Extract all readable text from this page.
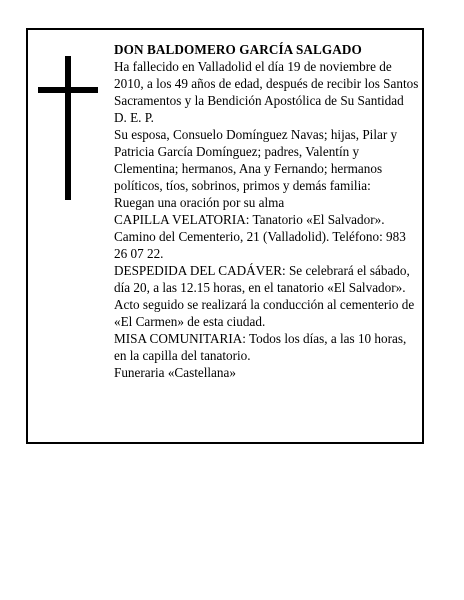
DON BALDOMERO GARCÍA SALGADO

Ha fallecido en Valladolid el día 19 de noviembre de 2010, a los 49 años de edad, después de recibir los Santos Sacramentos y la Bendición Apostólica de Su Santidad

D. E. P.

Su esposa, Consuelo Domínguez Navas; hijas, Pilar y Patricia García Domínguez; padres, Valentín y Clementina; hermanos, Ana y Fernando; hermanos políticos, tíos, sobrinos, primos y demás familia:

Ruegan una oración por su alma

CAPILLA VELATORIA: Tanatorio «El Salvador». Camino del Cementerio, 21 (Valladolid). Teléfono: 983 26 07 22.

DESPEDIDA DEL CADÁVER: Se celebrará el sábado, día 20, a las 12.15 horas, en el tanatorio «El Salvador». Acto seguido se realizará la conducción al cementerio de «El Carmen» de esta ciudad.

MISA COMUNITARIA: Todos los días, a las 10 horas, en la capilla del tanatorio.

Funeraria «Castellana»
